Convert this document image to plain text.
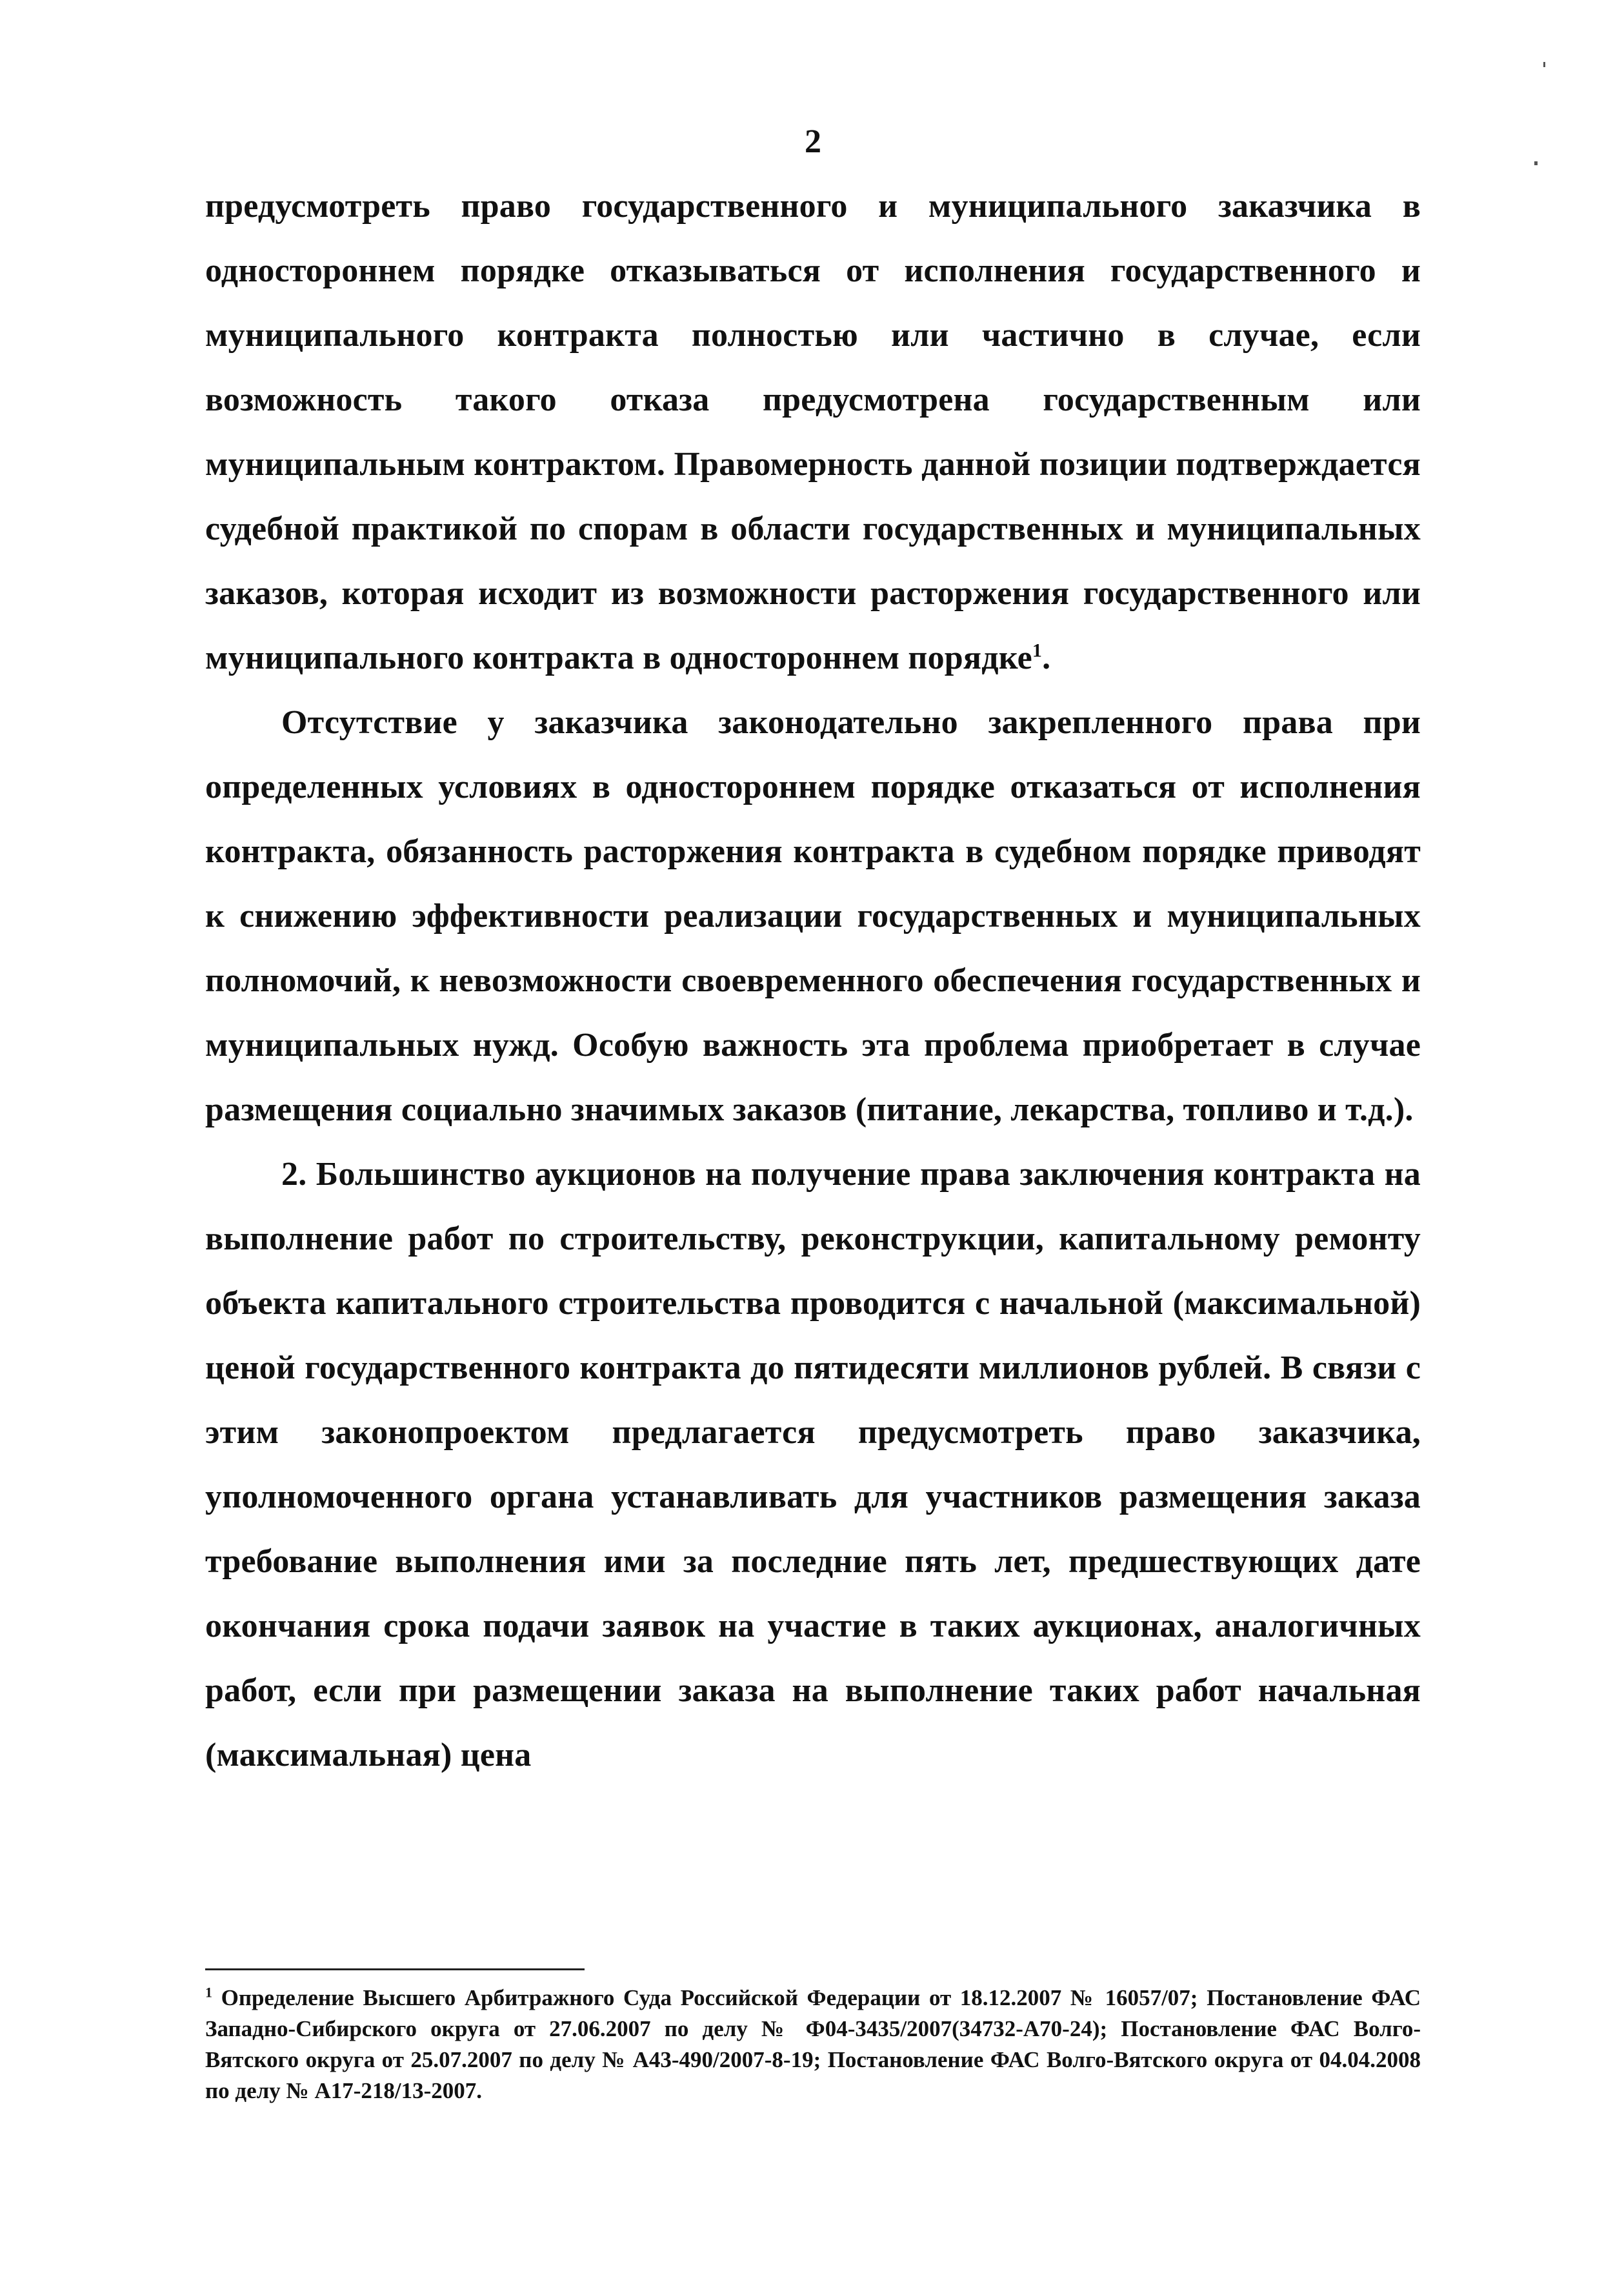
2

предусмотреть право государственного и муниципального заказчика в одностороннем порядке отказываться от исполнения государственного и муниципального контракта полностью или частично в случае, если возможность такого отказа предусмотрена государственным или муниципальным контрактом. Правомерность данной позиции подтверждается судебной практикой по спорам в области государственных и муниципальных заказов, которая исходит из возможности расторжения государственного или муниципального контракта в одностороннем порядке$^1$.

Отсутствие у заказчика законодательно закрепленного права при определенных условиях в одностороннем порядке отказаться от исполнения контракта, обязанность расторжения контракта в судебном порядке приводят к снижению эффективности реализации государственных и муниципальных полномочий, к невозможности своевременного обеспечения государственных и муниципальных нужд. Особую важность эта проблема приобретает в случае размещения социально значимых заказов (питание, лекарства, топливо и т.д.).

2. Большинство аукционов на получение права заключения контракта на выполнение работ по строительству, реконструкции, капитальному ремонту объекта капитального строительства проводится с начальной (максимальной) ценой государственного контракта до пятидесяти миллионов рублей. В связи с этим законопроектом предлагается предусмотреть право заказчика, уполномоченного органа устанавливать для участников размещения заказа требование выполнения ими за последние пять лет, предшествующих дате окончания срока подачи заявок на участие в таких аукционах, аналогичных работ, если при размещении заказа на выполнение таких работ начальная (максимальная) цена

$^1$ Определение Высшего Арбитражного Суда Российской Федерации от 18.12.2007 № 16057/07; Постановление ФАС Западно-Сибирского округа от 27.06.2007 по делу № Ф04-3435/2007(34732-А70-24); Постановление ФАС Волго-Вятского округа от 25.07.2007 по делу № А43-490/2007-8-19; Постановление ФАС Волго-Вятского округа от 04.04.2008 по делу № А17-218/13-2007.
